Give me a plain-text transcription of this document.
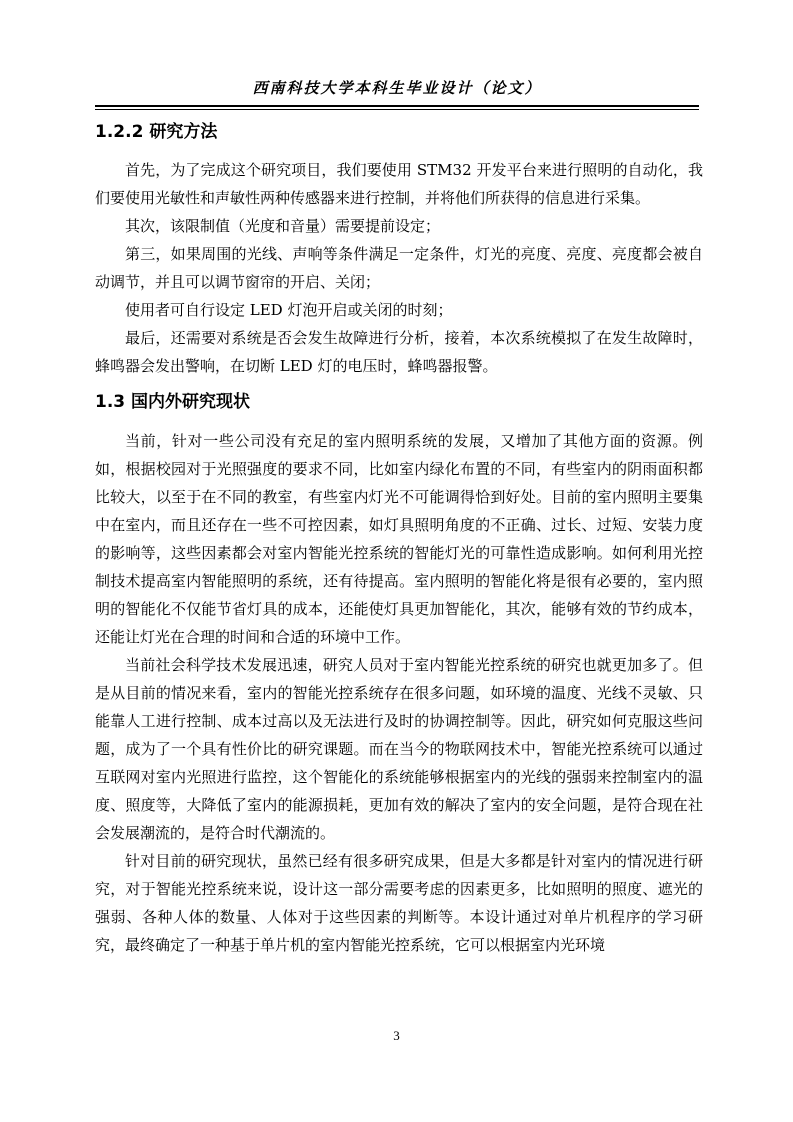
西南科技大学本科生毕业设计（论文）
1.2.2 研究方法

首先，为了完成这个研究项目，我们要使用 STM32 开发平台来进行照明的自动化，我们要使用光敏性和声敏性两种传感器来进行控制，并将他们所获得的信息进行采集。

其次，该限制值（光度和音量）需要提前设定；

第三，如果周围的光线、声响等条件满足一定条件，灯光的亮度、亮度、亮度都会被自动调节，并且可以调节窗帘的开启、关闭；

使用者可自行设定 LED 灯泡开启或关闭的时刻；

最后，还需要对系统是否会发生故障进行分析，接着，本次系统模拟了在发生故障时，蜂鸣器会发出警响，在切断 LED 灯的电压时，蜂鸣器报警。

1.3 国内外研究现状

当前，针对一些公司没有充足的室内照明系统的发展，又增加了其他方面的资源。例如，根据校园对于光照强度的要求不同，比如室内绿化布置的不同，有些室内的阴雨面积都比较大，以至于在不同的教室，有些室内灯光不可能调得恰到好处。目前的室内照明主要集中在室内，而且还存在一些不可控因素，如灯具照明角度的不正确、过长、过短、安装力度的影响等，这些因素都会对室内智能光控系统的智能灯光的可靠性造成影响。如何利用光控制技术提高室内智能照明的系统，还有待提高。室内照明的智能化将是很有必要的，室内照明的智能化不仅能节省灯具的成本，还能使灯具更加智能化，其次，能够有效的节约成本，还能让灯光在合理的时间和合适的环境中工作。

当前社会科学技术发展迅速，研究人员对于室内智能光控系统的研究也就更加多了。但是从目前的情况来看，室内的智能光控系统存在很多问题，如环境的温度、光线不灵敏、只能靠人工进行控制、成本过高以及无法进行及时的协调控制等。因此，研究如何克服这些问题，成为了一个具有性价比的研究课题。而在当今的物联网技术中，智能光控系统可以通过互联网对室内光照进行监控，这个智能化的系统能够根据室内的光线的强弱来控制室内的温度、照度等，大降低了室内的能源损耗，更加有效的解决了室内的安全问题，是符合现在社会发展潮流的，是符合时代潮流的。

针对目前的研究现状，虽然已经有很多研究成果，但是大多都是针对室内的情况进行研究，对于智能光控系统来说，设计这一部分需要考虑的因素更多，比如照明的照度、遮光的强弱、各种人体的数量、人体对于这些因素的判断等。本设计通过对单片机程序的学习研究，最终确定了一种基于单片机的室内智能光控系统，它可以根据室内光环境

3
